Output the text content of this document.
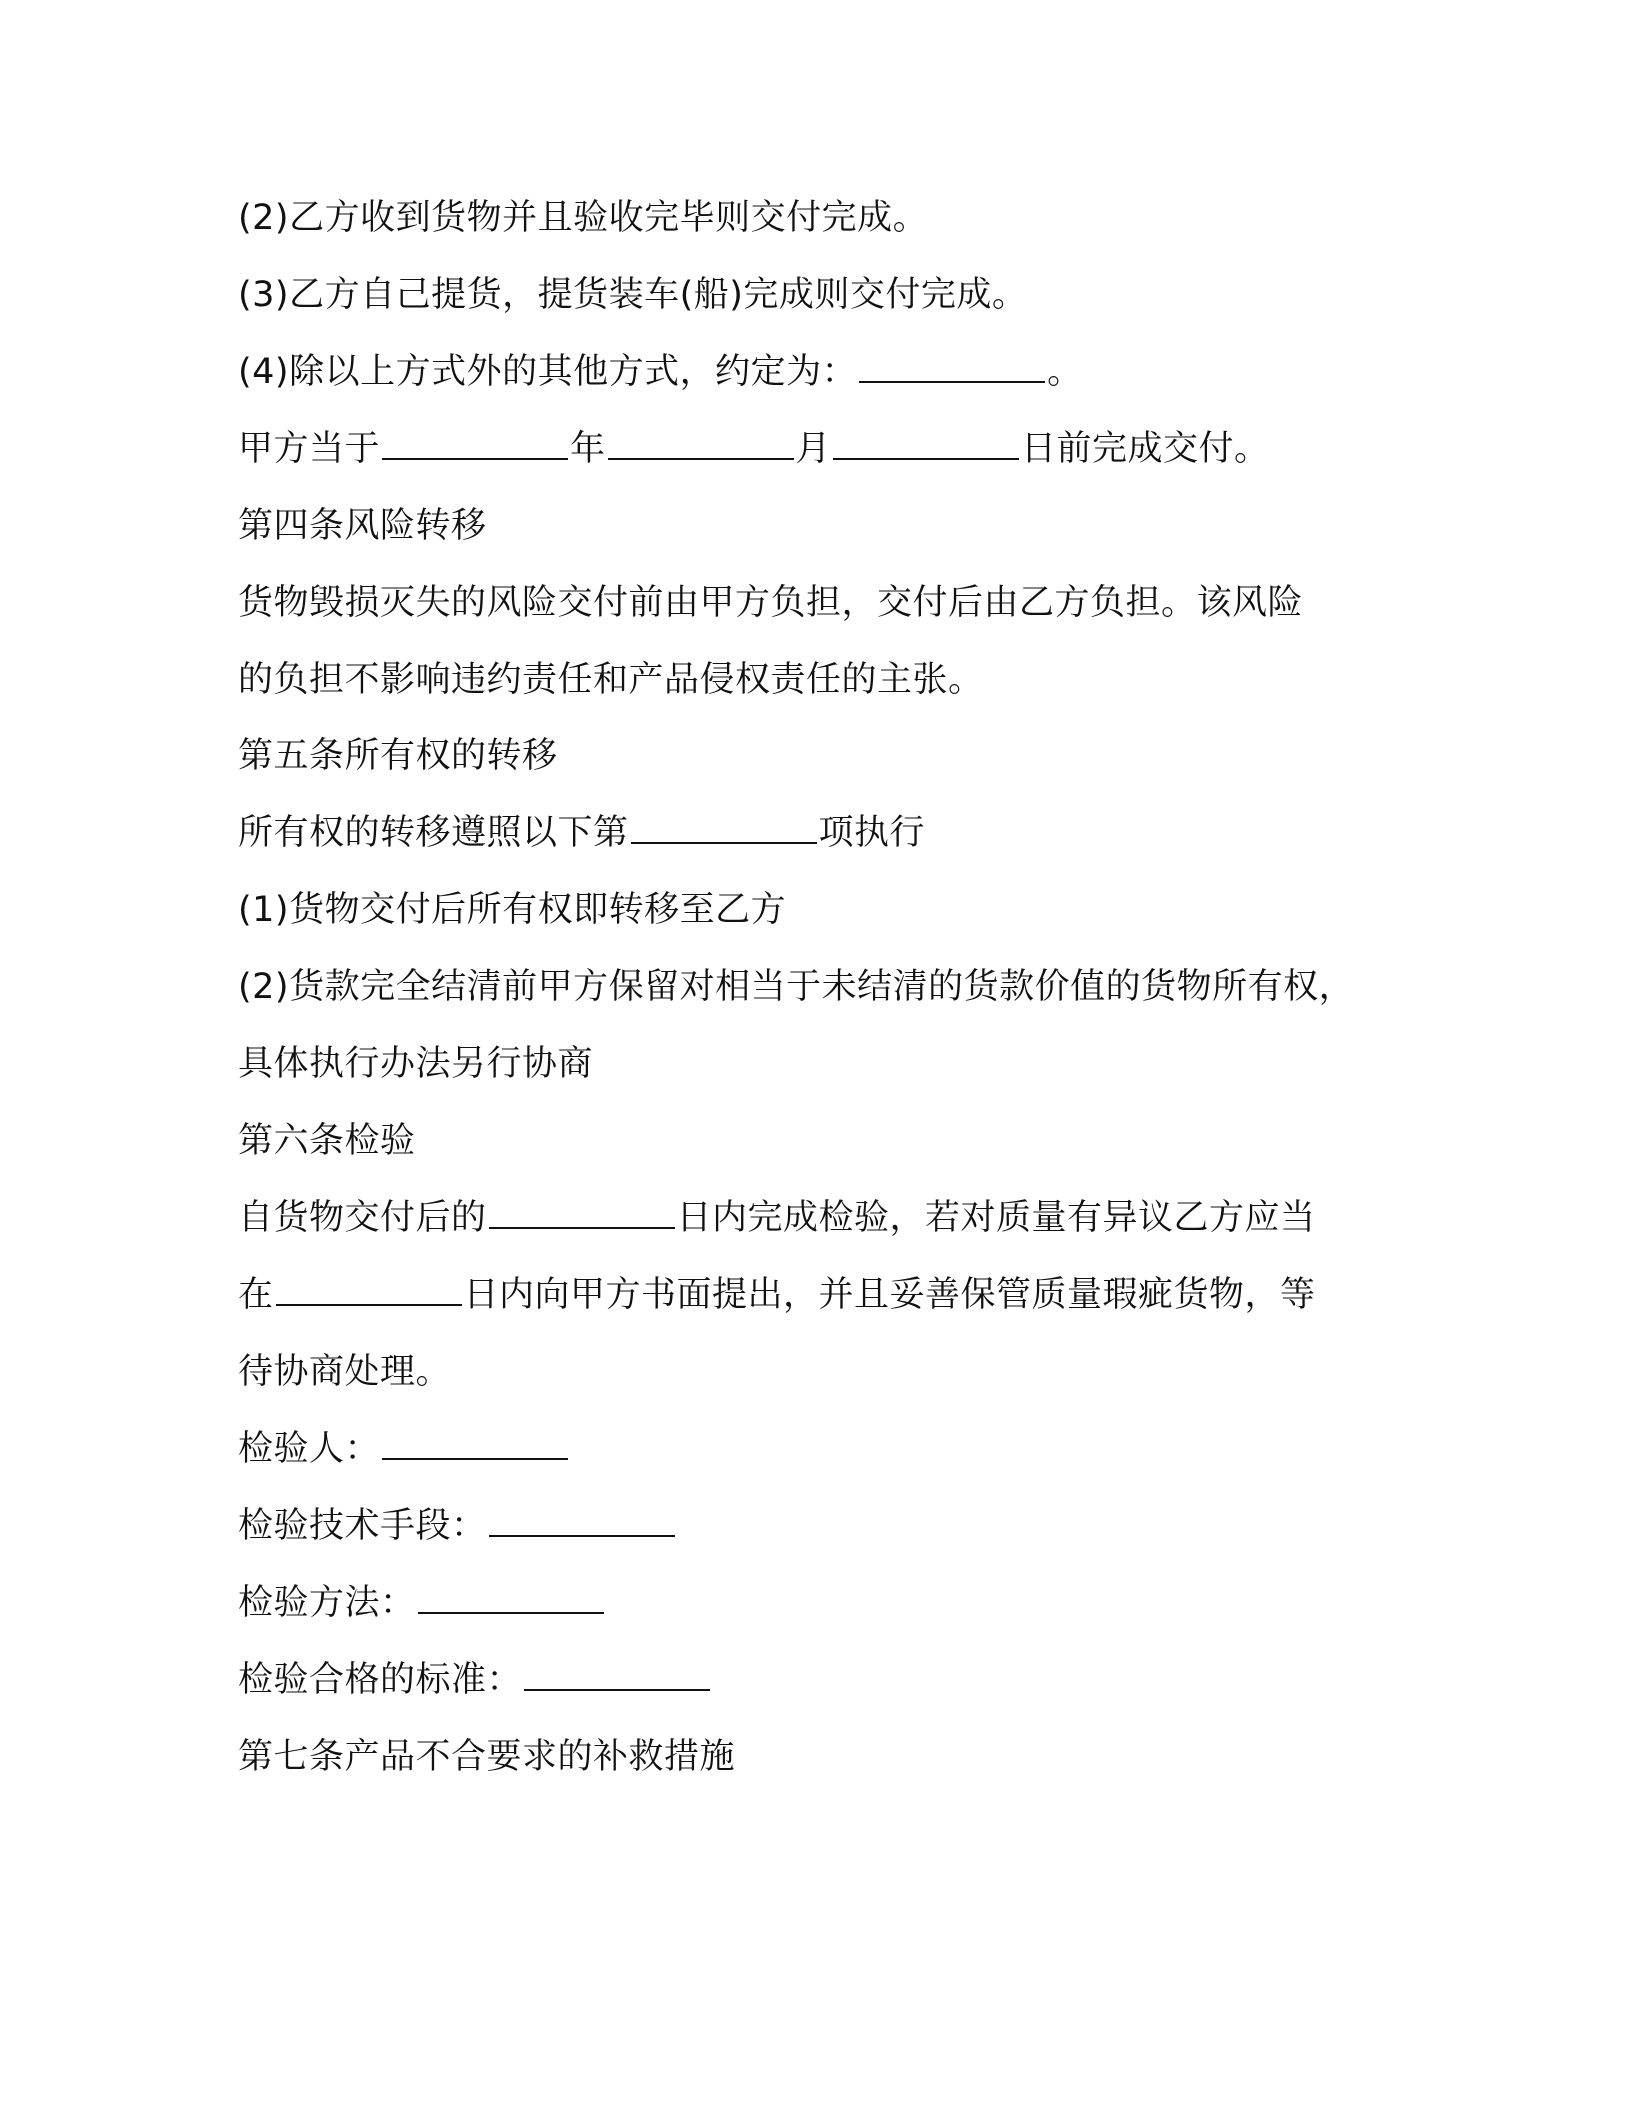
(2)乙方收到货物并且验收完毕则交付完成。
(3)乙方自己提货，提货装车(船)完成则交付完成。
(4)除以上方式外的其他方式，约定为：	。
甲方当于	年	月	日前完成交付。
第四条风险转移
货物毁损灭失的风险交付前由甲方负担，交付后由乙方负担。该风险
的负担不影响违约责任和产品侵权责任的主张。
第五条所有权的转移
所有权的转移遵照以下第	项执行
(1)货物交付后所有权即转移至乙方
(2)货款完全结清前甲方保留对相当于未结清的货款价值的货物所有权，
具体执行办法另行协商
第六条检验
自货物交付后的	日内完成检验，若对质量有异议乙方应当
在	日内向甲方书面提出，并且妥善保管质量瑕疵货物，等
待协商处理。
检验人：
检验技术手段：
检验方法：
检验合格的标准：
第七条产品不合要求的补救措施
